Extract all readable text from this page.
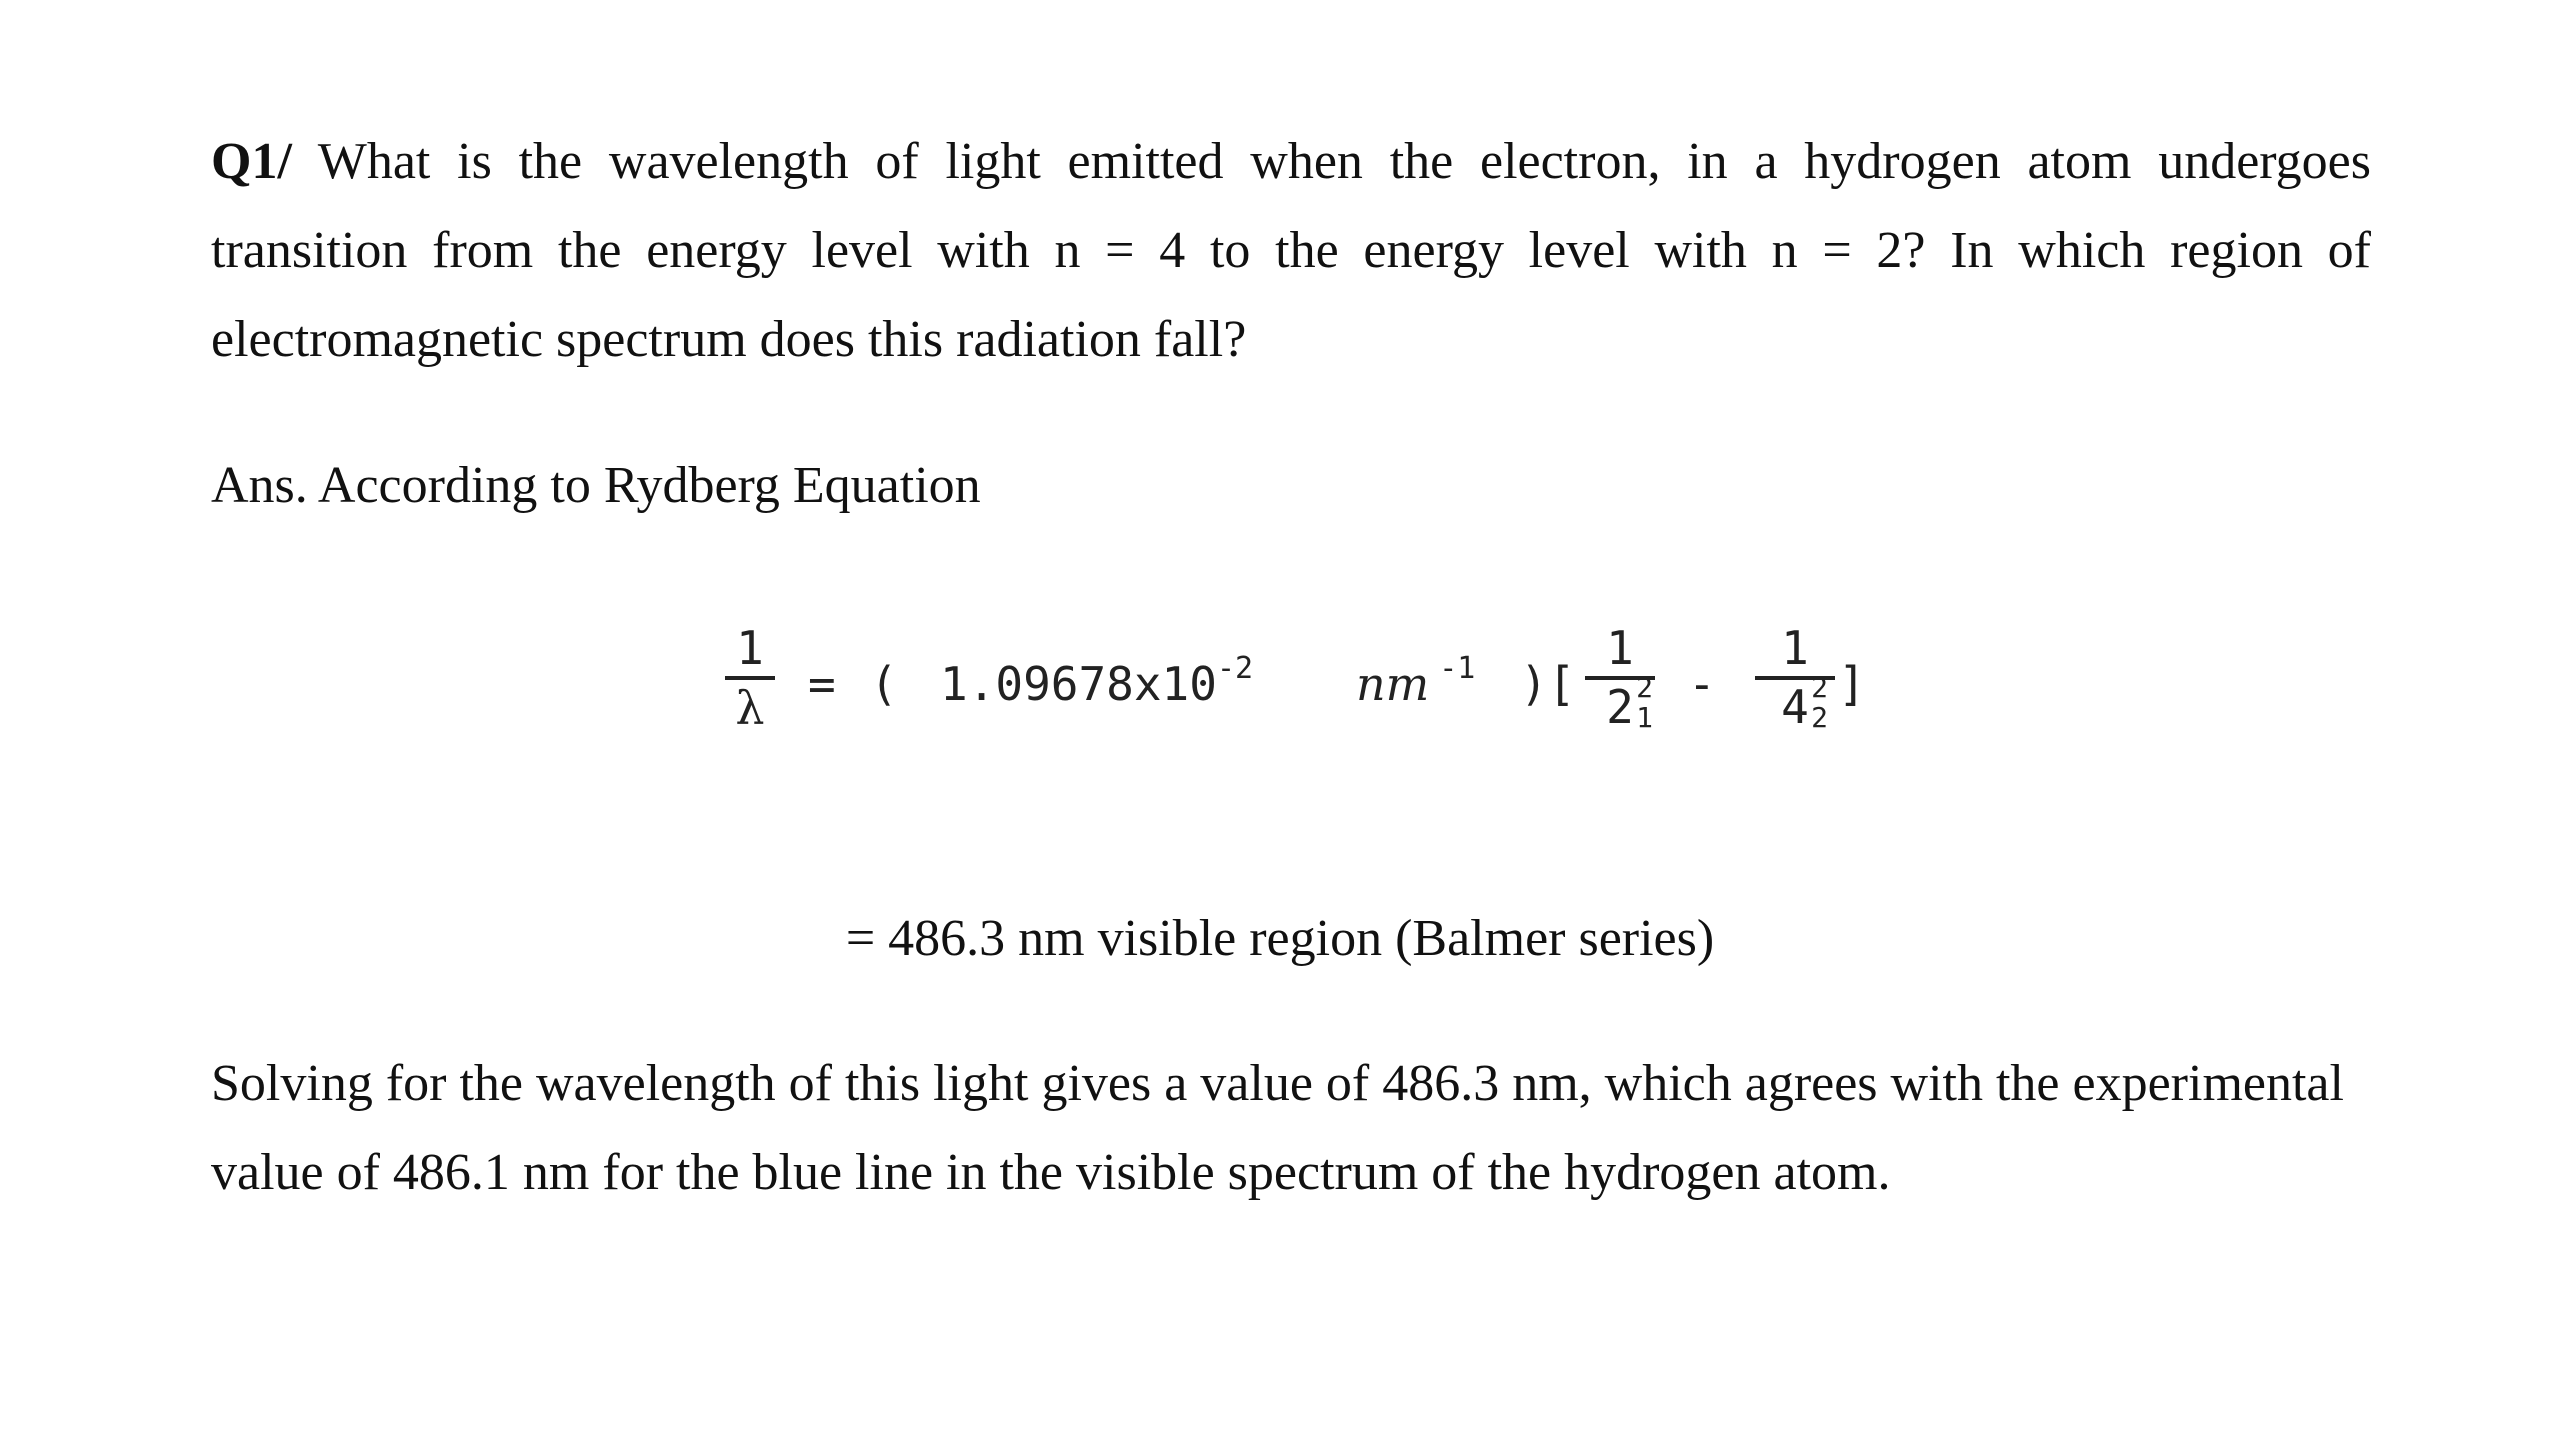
Q1/ What is the wavelength of light emitted when the electron, in a hydrogen atom undergoes transition from the energy level with n = 4 to the energy level with n = 2? In which region of electromagnetic spectrum does this radiation fall?

Ans. According to Rydberg Equation

1
λ = ( $1.09678x10^{-2}$ nm $^{-1}$ )[
1
2 2
1
-
1
4 2
2
]

= 486.3 nm visible region (Balmer series)

Solving for the wavelength of this light gives a value of 486.3 nm, which agrees with the experimental value of 486.1 nm for the blue line in the visible spectrum of the hydrogen atom.
